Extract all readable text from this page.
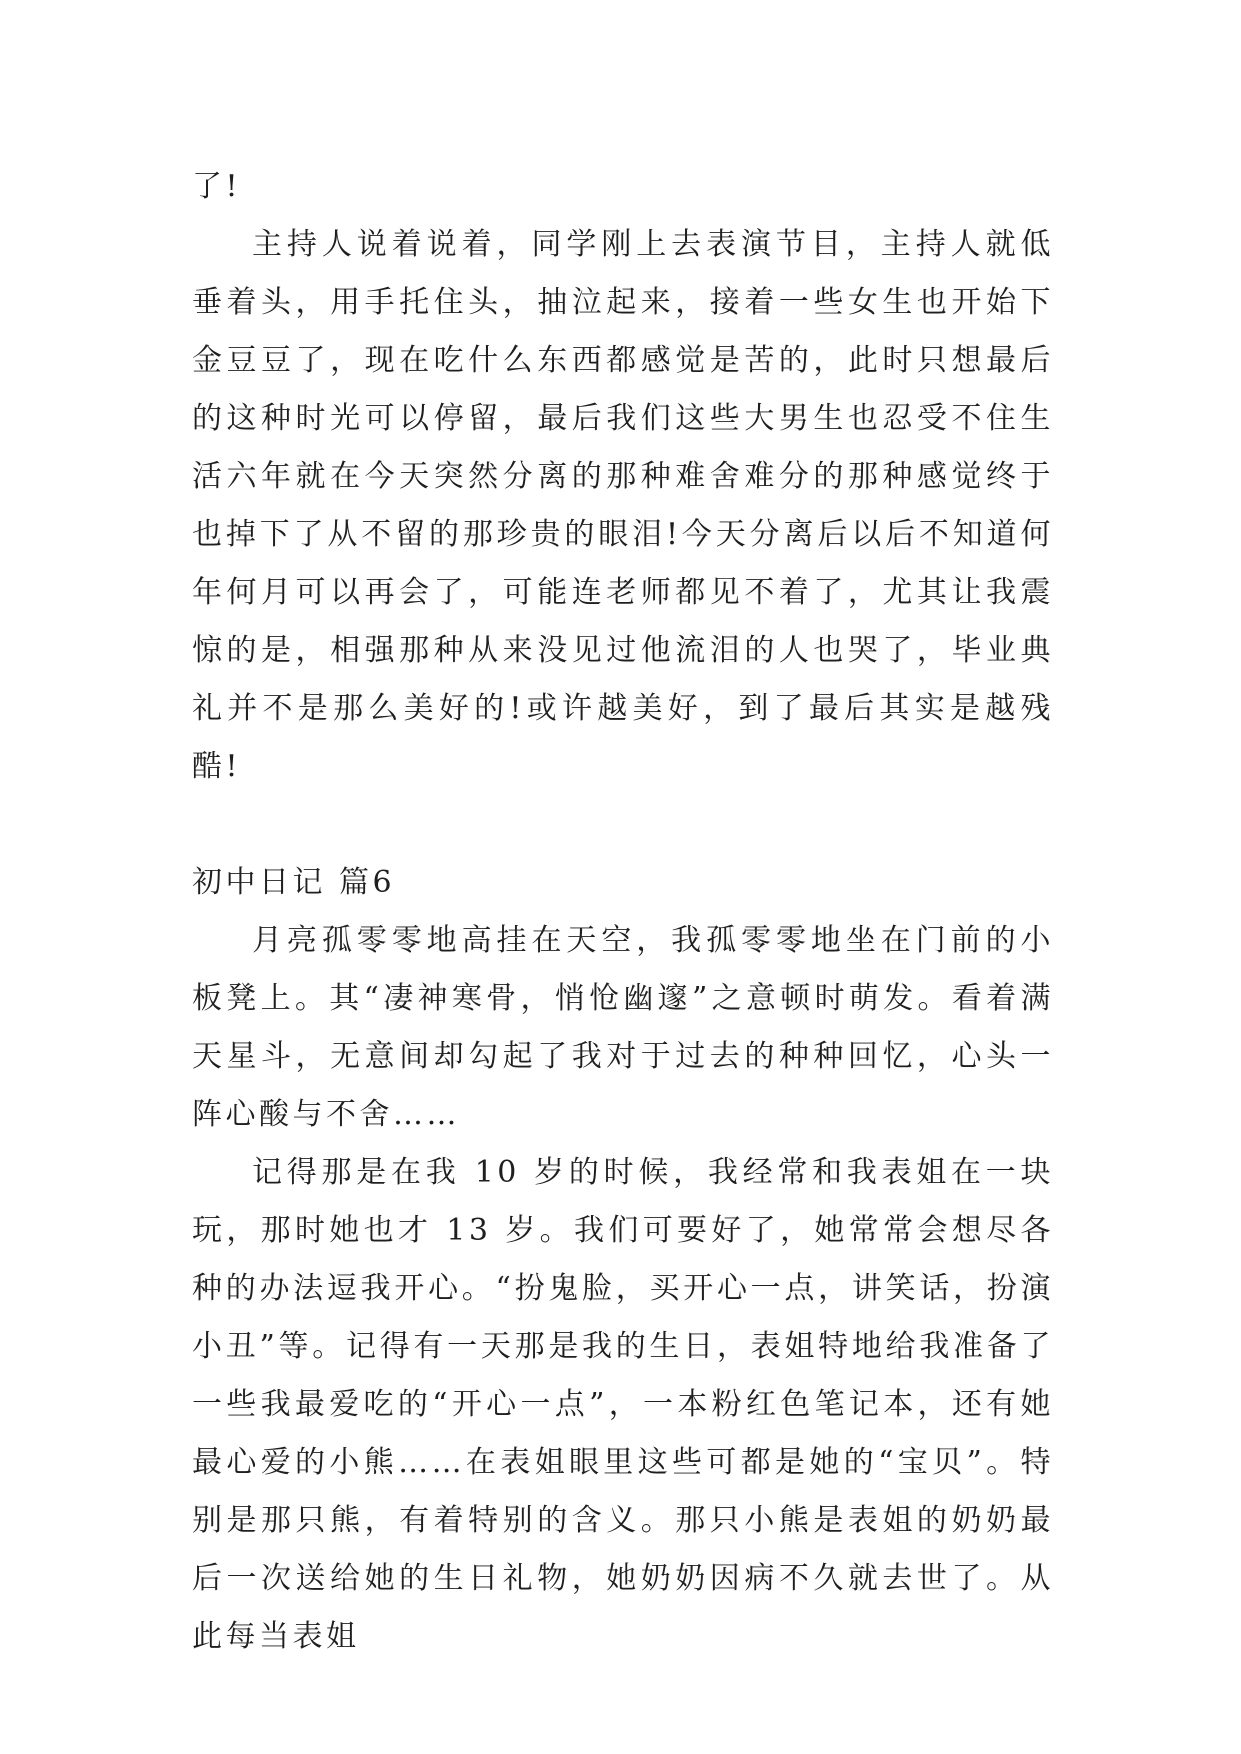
了!

主持人说着说着，同学刚上去表演节目，主持人就低垂着头，用手托住头，抽泣起来，接着一些女生也开始下金豆豆了，现在吃什么东西都感觉是苦的，此时只想最后的这种时光可以停留，最后我们这些大男生也忍受不住生活六年就在今天突然分离的那种难舍难分的那种感觉终于也掉下了从不留的那珍贵的眼泪!今天分离后以后不知道何年何月可以再会了，可能连老师都见不着了，尤其让我震惊的是，相强那种从来没见过他流泪的人也哭了，毕业典礼并不是那么美好的!或许越美好，到了最后其实是越残酷!

初中日记 篇6

月亮孤零零地高挂在天空，我孤零零地坐在门前的小板凳上。其“凄神寒骨，悄怆幽邃”之意顿时萌发。看着满天星斗，无意间却勾起了我对于过去的种种回忆，心头一阵心酸与不舍……

记得那是在我 10 岁的时候，我经常和我表姐在一块玩，那时她也才 13 岁。我们可要好了，她常常会想尽各种的办法逗我开心。“扮鬼脸，买开心一点，讲笑话，扮演小丑”等。记得有一天那是我的生日，表姐特地给我准备了一些我最爱吃的“开心一点”，一本粉红色笔记本，还有她最心爱的小熊……在表姐眼里这些可都是她的“宝贝”。特别是那只熊，有着特别的含义。那只小熊是表姐的奶奶最后一次送给她的生日礼物，她奶奶因病不久就去世了。从此每当表姐
